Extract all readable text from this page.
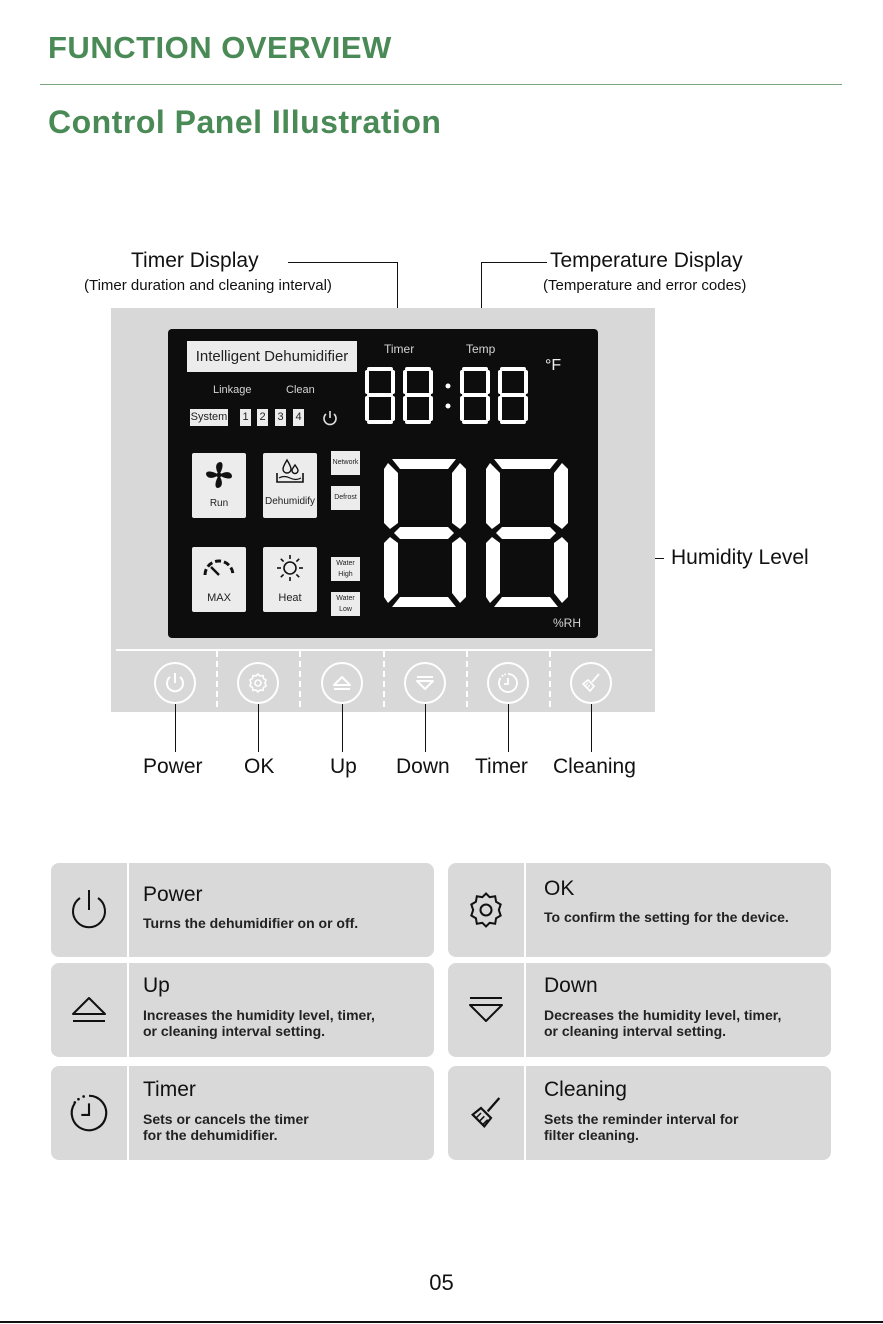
FUNCTION OVERVIEW
Control Panel Illustration
Timer Display
(Timer duration and cleaning interval)
Temperature Display
(Temperature and error codes)
Humidity Level
Intelligent Dehumidifier	Timer	Temp
°F
Linkage	Clean
System 1 2 3 4
Run	Dehumidify
MAX	Heat
Network
Defrost
Water High
Water Low
%RH
Power OK	Up Down Timer Cleaning
Power
Turns the dehumidifier on or off.
OK
To confirm the setting for the device.
Up
Increases the humidity level, timer,
or cleaning interval setting.
Down
Decreases the humidity level, timer,
or cleaning interval setting.
Timer
Sets or cancels the timer
for the dehumidifier.
Cleaning
Sets the reminder interval for
filter cleaning.
05
